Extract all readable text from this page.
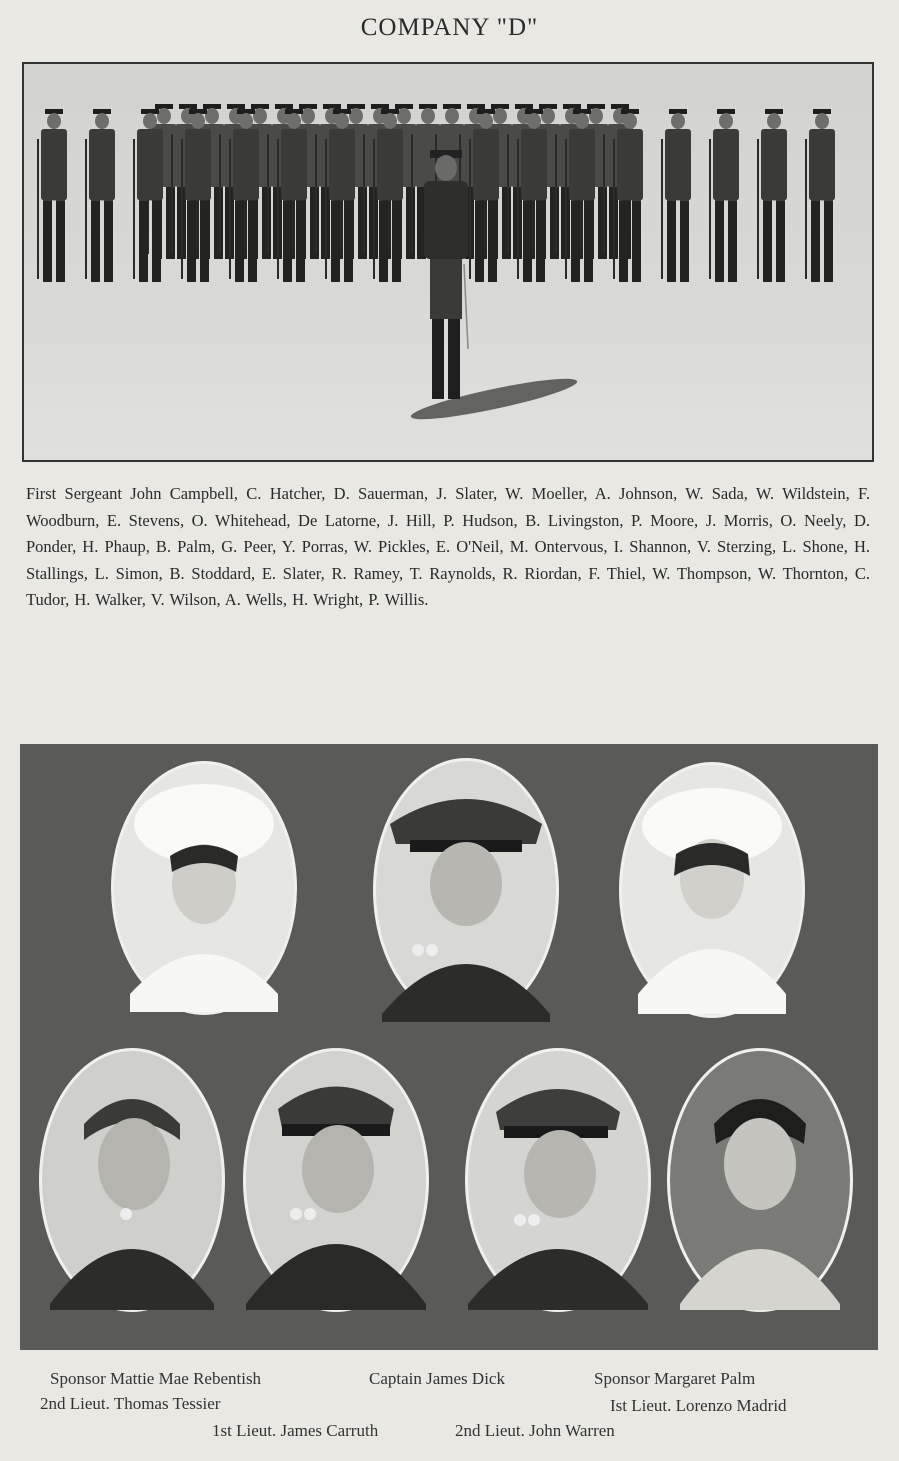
COMPANY "D"
First Sergeant John Campbell, C. Hatcher, D. Sauerman, J. Slater, W. Moeller, A. Johnson, W. Sada, W. Wildstein, F. Woodburn, E. Stevens, O. Whitehead, De Latorne, J. Hill, P. Hudson, B. Livingston, P. Moore, J. Morris, O. Neely, D. Ponder, H. Phaup, B. Palm, G. Peer, Y. Porras, W. Pickles, E. O'Neil, M. Ontervous, I. Shannon, V. Sterzing, L. Shone, H. Stallings, L. Simon, B. Stoddard, E. Slater, R. Ramey, T. Raynolds, R. Riordan, F. Thiel, W. Thompson, W. Thornton, C. Tudor, H. Walker, V. Wilson, A. Wells, H. Wright, P. Willis.
Sponsor Mattie Mae Rebentish	Captain James Dick	Sponsor Margaret Palm
2nd Lieut. Thomas Tessier	Ist Lieut. Lorenzo Madrid
1st Lieut. James Carruth	2nd Lieut. John Warren
